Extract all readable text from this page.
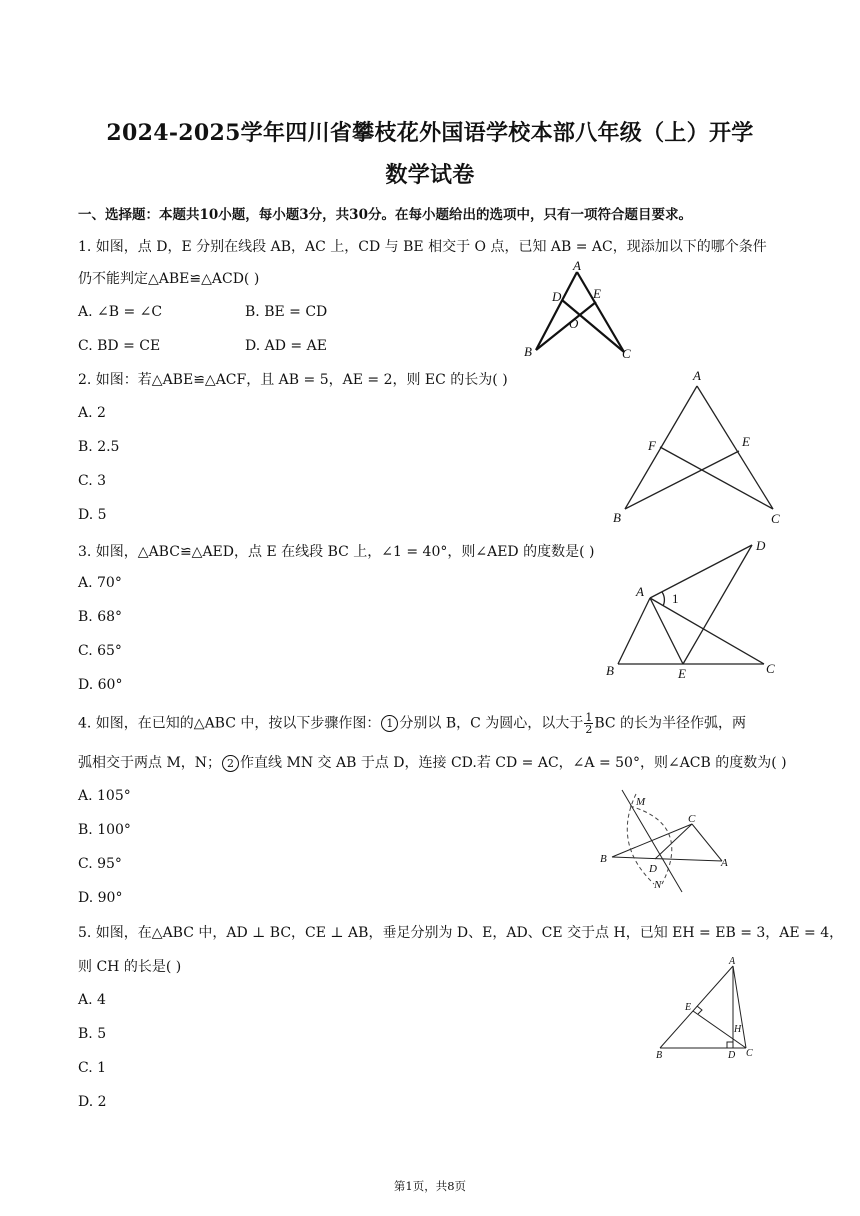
2024-2025学年四川省攀枝花外国语学校本部八年级（上）开学
数学试卷
一、选择题：本题共10小题，每小题3分，共30分。在每小题给出的选项中，只有一项符合题目要求。
1. 如图，点 D，E 分别在线段 AB，AC 上，CD 与 BE 相交于 O 点，已知 AB = AC，现添加以下的哪个条件
仍不能判定△ABE≌△ACD( )
A. ∠B = ∠C	B. BE = CD
C. BD = CE	D. AD = AE
A
D E
O
B	C
2. 如图：若△ABE≌△ACF，且 AB = 5，AE = 2，则 EC 的长为( )
A. 2
B. 2.5
C. 3
D. 5
A
F	E
B	C
3. 如图，△ABC≌△AED，点 E 在线段 BC 上，∠1 = 40°，则∠AED 的度数是( )
A. 70°
B. 68°
C. 65°
D. 60°
D
A 1
B	E	C
4. 如图，在已知的△ABC 中，按以下步骤作图： 1 分别以 B，C 为圆心，以大于 $\frac{1}{2}$ BC 的长为半径作弧，两
弧相交于两点 M，N； 2 作直线 MN 交 AB 于点 D，连接 CD.若 CD = AC，∠A = 50°，则∠ACB 的度数为( )
A. 105°
B. 100°
C. 95°
D. 90°
M
C
B
D	A
N
5. 如图，在△ABC 中，AD ⊥ BC，CE ⊥ AB，垂足分别为 D、E，AD、CE 交于点 H，已知 EH = EB = 3，AE = 4，
则 CH 的长是( )
A. 4
B. 5
C. 1
D. 2
A
E
H
B	D C
第1页，共8页
